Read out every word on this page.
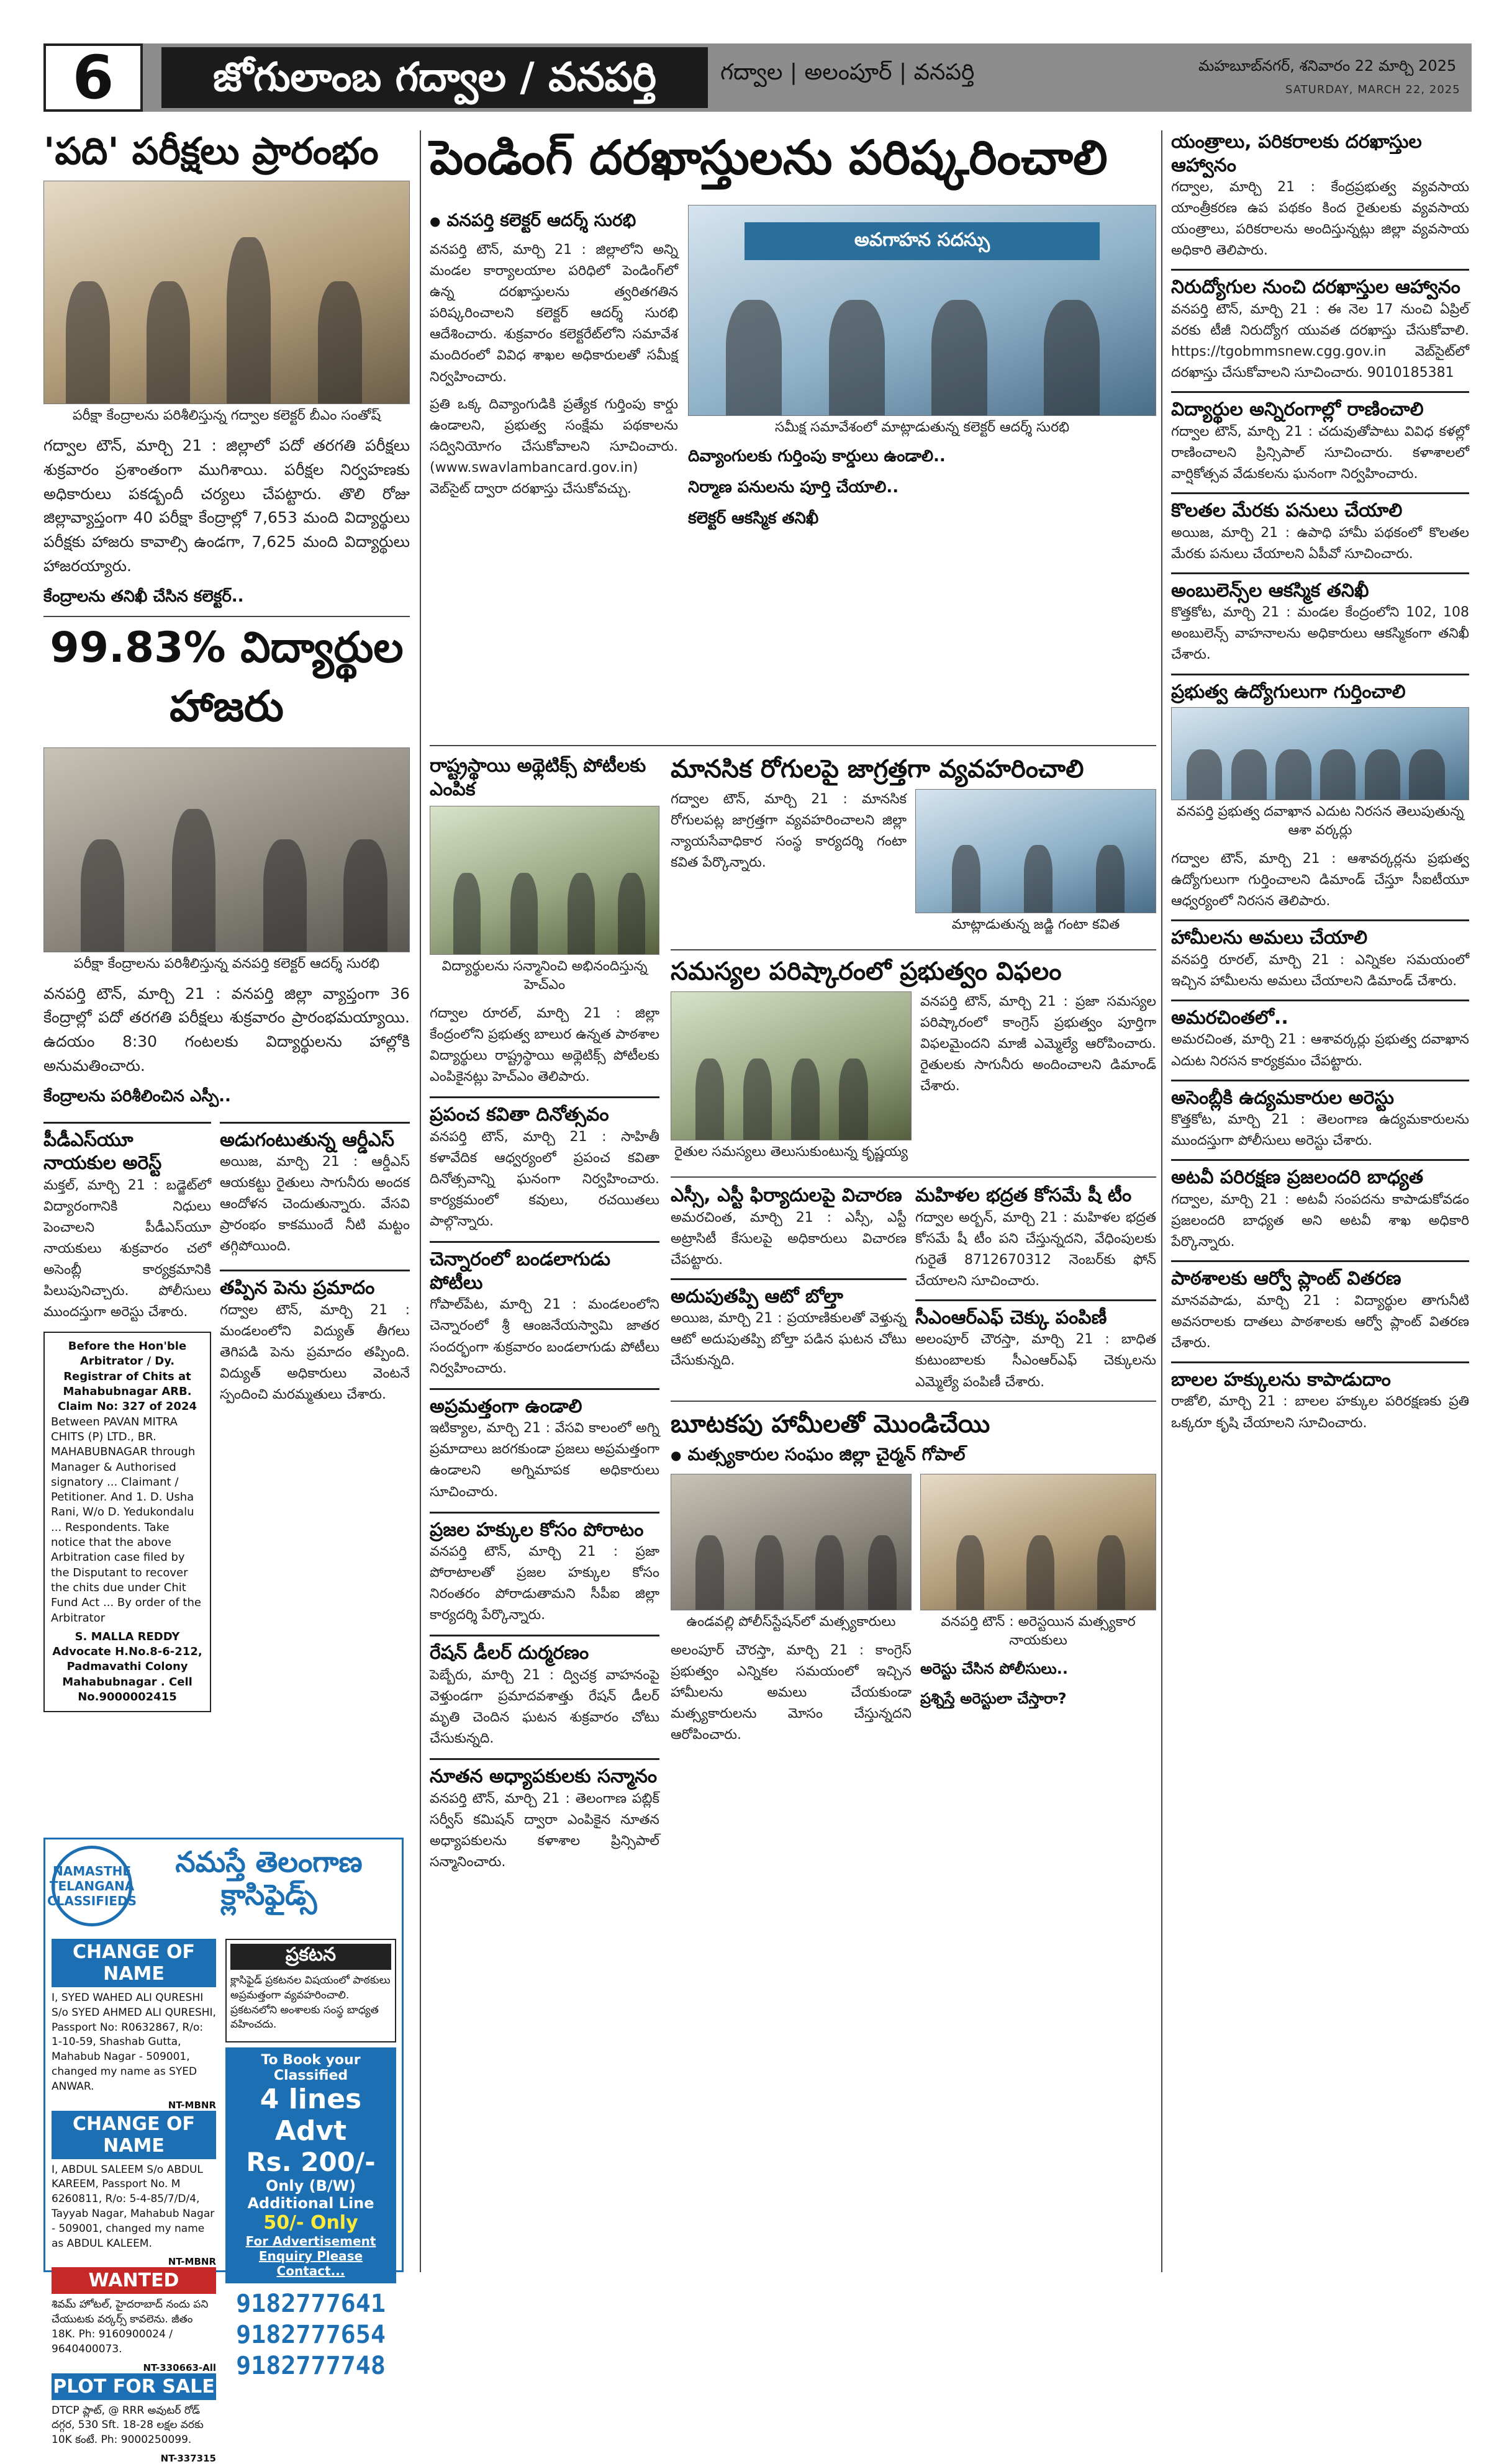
6	జోగులాంబ గద్వాల / వనపర్తి	గద్వాల | అలంపూర్ | వనపర్తి	మహబూబ్‌నగర్, శనివారం 22 మార్చి 2025
SATURDAY, MARCH 22, 2025
'పది' పరీక్షలు ప్రారంభం
పరీక్షా కేంద్రాలను పరిశీలిస్తున్న గద్వాల కలెక్టర్ బీఎం సంతోష్

గద్వాల టౌన్, మార్చి 21 : జిల్లాలో పదో తరగతి పరీక్షలు శుక్రవారం ప్రశాంతంగా ముగిశాయి. పరీక్షల నిర్వహణకు అధికారులు పకడ్బందీ చర్యలు చేపట్టారు. తొలి రోజు జిల్లావ్యాప్తంగా 40 పరీక్షా కేంద్రాల్లో 7,653 మంది విద్యార్థులు పరీక్షకు హాజరు కావాల్సి ఉండగా, 7,625 మంది విద్యార్థులు హాజరయ్యారు.

కేంద్రాలను తనిఖీ చేసిన కలెక్టర్..
99.83% విద్యార్థుల హాజరు
పరీక్షా కేంద్రాలను పరిశీలిస్తున్న వనపర్తి కలెక్టర్ ఆదర్శ్ సురభి

వనపర్తి టౌన్, మార్చి 21 : వనపర్తి జిల్లా వ్యాప్తంగా 36 కేంద్రాల్లో పదో తరగతి పరీక్షలు శుక్రవారం ప్రారంభమయ్యాయి. ఉదయం 8:30 గంటలకు విద్యార్థులను హాల్లోకి అనుమతించారు.

కేంద్రాలను పరిశీలించిన ఎస్పీ..
పీడీఎస్‌యూ నాయకుల అరెస్ట్

మక్తల్, మార్చి 21 : బడ్జెట్‌లో విద్యారంగానికి నిధులు పెంచాలని పీడీఎస్‌యూ నాయకులు శుక్రవారం చలో అసెంబ్లీ కార్యక్రమానికి పిలుపునిచ్చారు. పోలీసులు ముందస్తుగా అరెస్టు చేశారు.

Before the Hon'ble Arbitrator / Dy. Registrar of Chits at Mahabubnagar ARB. Claim No: 327 of 2024

Between PAVAN MITRA CHITS (P) LTD., BR. MAHABUBNAGAR through Manager & Authorised signatory ... Claimant / Petitioner. And 1. D. Usha Rani, W/o D. Yedukondalu ... Respondents. Take notice that the above Arbitration case filed by the Disputant to recover the chits due under Chit Fund Act ... By order of the Arbitrator

S. MALLA REDDY Advocate H.No.8-6-212, Padmavathi Colony Mahabubnagar . Cell No.9000002415
అడుగంటుతున్న ఆర్డీఎస్

అయిజ, మార్చి 21 : ఆర్డీఎస్ ఆయకట్టు రైతులు సాగునీరు అందక ఆందోళన చెందుతున్నారు. వేసవి ప్రారంభం కాకముందే నీటి మట్టం తగ్గిపోయింది.

తప్పిన పెను ప్రమాదం

గద్వాల టౌన్, మార్చి 21 : మండలంలోని విద్యుత్ తీగలు తెగిపడి పెను ప్రమాదం తప్పింది. విద్యుత్ అధికారులు వెంటనే స్పందించి మరమ్మతులు చేశారు.

NAMASTHE TELANGANA CLASSIFIEDS
నమస్తే తెలంగాణ క్లాసిఫైడ్స్
CHANGE OF NAME
I, SYED WAHED ALI QURESHI S/o SYED AHMED ALI QURESHI, Passport No: R0632867, R/o: 1-10-59, Shashab Gutta, Mahabub Nagar - 509001, changed my name as SYED ANWAR.
NT-MBNR
CHANGE OF NAME
I, ABDUL SALEEM S/o ABDUL KAREEM, Passport No. M 6260811, R/o: 5-4-85/7/D/4, Tayyab Nagar, Mahabub Nagar - 509001, changed my name as ABDUL KALEEM.
NT-MBNR
WANTED
శివమ్ హోటల్, హైదరాబాద్ నందు పని చేయుటకు వర్కర్స్ కావలెను. జీతం 18K. Ph: 9160900024 / 9640400073.
NT-330663-All
PLOT FOR SALE
DTCP ప్లాట్, @ RRR అవుటర్ రోడ్ దగ్గర, 530 Sft. 18-28 లక్షల వరకు 10K కంటే. Ph: 9000250099.
NT-337315
ప్రకటన
క్లాసిఫైడ్ ప్రకటనల విషయంలో పాఠకులు అప్రమత్తంగా వ్యవహరించాలి. ప్రకటనలోని అంశాలకు సంస్థ బాధ్యత వహించదు.
To Book your Classified
4 lines Advt
Rs. 200/-
Only (B/W) Additional Line
50/- Only
For Advertisement Enquiry Please Contact...
9182777641
9182777654
9182777748
పెండింగ్ దరఖాస్తులను పరిష్కరించాలి
● వనపర్తి కలెక్టర్ ఆదర్శ్ సురభి

వనపర్తి టౌన్, మార్చి 21 : జిల్లాలోని అన్ని మండల కార్యాలయాల పరిధిలో పెండింగ్‌లో ఉన్న దరఖాస్తులను త్వరితగతిన పరిష్కరించాలని కలెక్టర్ ఆదర్శ్ సురభి ఆదేశించారు. శుక్రవారం కలెక్టరేట్‌లోని సమావేశ మందిరంలో వివిధ శాఖల అధికారులతో సమీక్ష నిర్వహించారు.

ప్రతి ఒక్క దివ్యాంగుడికి ప్రత్యేక గుర్తింపు కార్డు ఉండాలని, ప్రభుత్వ సంక్షేమ పథకాలను సద్వినియోగం చేసుకోవాలని సూచించారు. (www.swavlambancard.gov.in) వెబ్‌సైట్ ద్వారా దరఖాస్తు చేసుకోవచ్చు.

అవగాహన సదస్సు
సమీక్ష సమావేశంలో మాట్లాడుతున్న కలెక్టర్ ఆదర్శ్ సురభి
దివ్యాంగులకు గుర్తింపు కార్డులు ఉండాలి..
నిర్మాణ పనులను పూర్తి చేయాలి..
కలెక్టర్ ఆకస్మిక తనిఖీ
రాష్ట్రస్థాయి అథ్లెటిక్స్ పోటీలకు ఎంపిక
విద్యార్థులను సన్మానించి అభినందిస్తున్న హెచ్ఎం

గద్వాల రూరల్, మార్చి 21 : జిల్లా కేంద్రంలోని ప్రభుత్వ బాలుర ఉన్నత పాఠశాల విద్యార్థులు రాష్ట్రస్థాయి అథ్లెటిక్స్ పోటీలకు ఎంపికైనట్లు హెచ్ఎం తెలిపారు.

ప్రపంచ కవితా దినోత్సవం

వనపర్తి టౌన్, మార్చి 21 : సాహితీ కళావేదిక ఆధ్వర్యంలో ప్రపంచ కవితా దినోత్సవాన్ని ఘనంగా నిర్వహించారు. కార్యక్రమంలో కవులు, రచయితలు పాల్గొన్నారు.

చెన్నారంలో బండలాగుడు పోటీలు

గోపాల్‌పేట, మార్చి 21 : మండలంలోని చెన్నారంలో శ్రీ ఆంజనేయస్వామి జాతర సందర్భంగా శుక్రవారం బండలాగుడు పోటీలు నిర్వహించారు.

అప్రమత్తంగా ఉండాలి

ఇటిక్యాల, మార్చి 21 : వేసవి కాలంలో అగ్ని ప్రమాదాలు జరగకుండా ప్రజలు అప్రమత్తంగా ఉండాలని అగ్నిమాపక అధికారులు సూచించారు.

ప్రజల హక్కుల కోసం పోరాటం

వనపర్తి టౌన్, మార్చి 21 : ప్రజా పోరాటాలతో ప్రజల హక్కుల కోసం నిరంతరం పోరాడుతామని సీపీఐ జిల్లా కార్యదర్శి పేర్కొన్నారు.

రేషన్ డీలర్ దుర్మరణం

పెబ్బేరు, మార్చి 21 : ద్విచక్ర వాహనంపై వెళ్తుండగా ప్రమాదవశాత్తు రేషన్ డీలర్ మృతి చెందిన ఘటన శుక్రవారం చోటు చేసుకున్నది.

నూతన అధ్యాపకులకు సన్మానం

వనపర్తి టౌన్, మార్చి 21 : తెలంగాణ పబ్లిక్ సర్వీస్ కమిషన్ ద్వారా ఎంపికైన నూతన అధ్యాపకులను కళాశాల ప్రిన్సిపాల్ సన్మానించారు.

మానసిక రోగులపై జాగ్రత్తగా వ్యవహరించాలి

గద్వాల టౌన్, మార్చి 21 : మానసిక రోగులపట్ల జాగ్రత్తగా వ్యవహరించాలని జిల్లా న్యాయసేవాధికార సంస్థ కార్యదర్శి గంటా కవిత పేర్కొన్నారు.

మాట్లాడుతున్న జడ్జి గంటా కవిత
సమస్యల పరిష్కారంలో ప్రభుత్వం విఫలం
రైతుల సమస్యలు తెలుసుకుంటున్న కృష్ణయ్య

వనపర్తి టౌన్, మార్చి 21 : ప్రజా సమస్యల పరిష్కారంలో కాంగ్రెస్ ప్రభుత్వం పూర్తిగా విఫలమైందని మాజీ ఎమ్మెల్యే ఆరోపించారు. రైతులకు సాగునీరు అందించాలని డిమాండ్ చేశారు.

ఎస్సీ, ఎస్టీ ఫిర్యాదులపై విచారణ

అమరచింత, మార్చి 21 : ఎస్సీ, ఎస్టీ అట్రాసిటీ కేసులపై అధికారులు విచారణ చేపట్టారు.

అదుపుతప్పి ఆటో బోల్తా

అయిజ, మార్చి 21 : ప్రయాణికులతో వెళ్తున్న ఆటో అదుపుతప్పి బోల్తా పడిన ఘటన చోటు చేసుకున్నది.

మహిళల భద్రత కోసమే షీ టీం

గద్వాల అర్బన్, మార్చి 21 : మహిళల భద్రత కోసమే షీ టీం పని చేస్తున్నదని, వేధింపులకు గురైతే 8712670312 నెంబర్‌కు ఫోన్ చేయాలని సూచించారు.

సీఎంఆర్‌ఎఫ్ చెక్కు పంపిణీ

అలంపూర్ చౌరస్తా, మార్చి 21 : బాధిత కుటుంబాలకు సీఎంఆర్‌ఎఫ్ చెక్కులను ఎమ్మెల్యే పంపిణీ చేశారు.

బూటకపు హామీలతో మొండిచేయి
● మత్స్యకారుల సంఘం జిల్లా చైర్మన్ గోపాల్
ఉండవల్లి పోలీస్‌స్టేషన్‌లో మత్స్యకారులు

అలంపూర్ చౌరస్తా, మార్చి 21 : కాంగ్రెస్ ప్రభుత్వం ఎన్నికల సమయంలో ఇచ్చిన హామీలను అమలు చేయకుండా మత్స్యకారులను మోసం చేస్తున్నదని ఆరోపించారు.

వనపర్తి టౌన్ : అరెస్టయిన మత్స్యకార నాయకులు
అరెస్టు చేసిన పోలీసులు..
ప్రశ్నిస్తే అరెస్టులా చేస్తారా?
యంత్రాలు, పరికరాలకు దరఖాస్తుల ఆహ్వానం

గద్వాల, మార్చి 21 : కేంద్రప్రభుత్వ వ్యవసాయ యాంత్రీకరణ ఉప పథకం కింద రైతులకు వ్యవసాయ యంత్రాలు, పరికరాలను అందిస్తున్నట్లు జిల్లా వ్యవసాయ అధికారి తెలిపారు.

నిరుద్యోగుల నుంచి దరఖాస్తుల ఆహ్వానం

వనపర్తి టౌన్, మార్చి 21 : ఈ నెల 17 నుంచి ఏప్రిల్ వరకు టీజీ నిరుద్యోగ యువత దరఖాస్తు చేసుకోవాలి. https://tgobmmsnew.cgg.gov.in వెబ్‌సైట్‌లో దరఖాస్తు చేసుకోవాలని సూచించారు. 9010185381

విద్యార్థుల అన్నిరంగాల్లో రాణించాలి

గద్వాల టౌన్, మార్చి 21 : చదువుతోపాటు వివిధ కళల్లో రాణించాలని ప్రిన్సిపాల్ సూచించారు. కళాశాలలో వార్షికోత్సవ వేడుకలను ఘనంగా నిర్వహించారు.

కొలతల మేరకు పనులు చేయాలి

అయిజ, మార్చి 21 : ఉపాధి హామీ పథకంలో కొలతల మేరకు పనులు చేయాలని ఏపీవో సూచించారు.

అంబులెన్స్‌ల ఆకస్మిక తనిఖీ

కొత్తకోట, మార్చి 21 : మండల కేంద్రంలోని 102, 108 అంబులెన్స్ వాహనాలను అధికారులు ఆకస్మికంగా తనిఖీ చేశారు.

ప్రభుత్వ ఉద్యోగులుగా గుర్తించాలి
వనపర్తి ప్రభుత్వ దవాఖాన ఎదుట నిరసన తెలుపుతున్న ఆశా వర్కర్లు

గద్వాల టౌన్, మార్చి 21 : ఆశావర్కర్లను ప్రభుత్వ ఉద్యోగులుగా గుర్తించాలని డిమాండ్ చేస్తూ సీఐటీయూ ఆధ్వర్యంలో నిరసన తెలిపారు.

హామీలను అమలు చేయాలి

వనపర్తి రూరల్, మార్చి 21 : ఎన్నికల సమయంలో ఇచ్చిన హామీలను అమలు చేయాలని డిమాండ్ చేశారు.

అమరచింతలో..

అమరచింత, మార్చి 21 : ఆశావర్కర్లు ప్రభుత్వ దవాఖాన ఎదుట నిరసన కార్యక్రమం చేపట్టారు.

అసెంబ్లీకి ఉద్యమకారుల అరెస్టు

కొత్తకోట, మార్చి 21 : తెలంగాణ ఉద్యమకారులను ముందస్తుగా పోలీసులు అరెస్టు చేశారు.

అటవీ పరిరక్షణ ప్రజలందరి బాధ్యత

గద్వాల, మార్చి 21 : అటవీ సంపదను కాపాడుకోవడం ప్రజలందరి బాధ్యత అని అటవీ శాఖ అధికారి పేర్కొన్నారు.

పాఠశాలకు ఆర్వో ప్లాంట్ వితరణ

మానవపాడు, మార్చి 21 : విద్యార్థుల తాగునీటి అవసరాలకు దాతలు పాఠశాలకు ఆర్వో ప్లాంట్ వితరణ చేశారు.

బాలల హక్కులను కాపాడుదాం

రాజోలి, మార్చి 21 : బాలల హక్కుల పరిరక్షణకు ప్రతి ఒక్కరూ కృషి చేయాలని సూచించారు.
